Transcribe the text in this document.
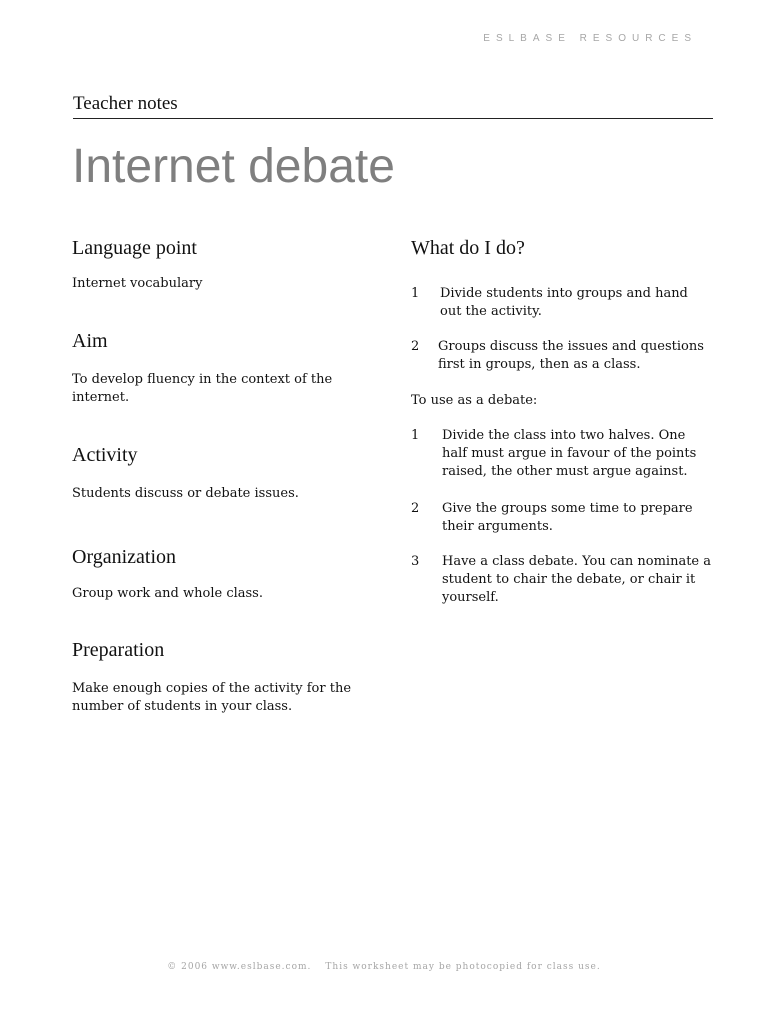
ESLBASE RESOURCES
Teacher notes
Internet debate
Language point

Internet vocabulary

Aim

To develop fluency in the context of the internet.

Activity

Students discuss or debate issues.

Organization

Group work and whole class.

Preparation

Make enough copies of the activity for the number of students in your class.

What do I do?
1 Divide students into groups and hand out the activity.

2 Groups discuss the issues and questions first in groups, then as a class.

To use as a debate:

1 Divide the class into two halves. One half must argue in favour of the points raised, the other must argue against.

2 Give the groups some time to prepare their arguments.

3 Have a class debate. You can nominate a student to chair the debate, or chair it yourself.

© 2006 www.eslbase.com. This worksheet may be photocopied for class use.
